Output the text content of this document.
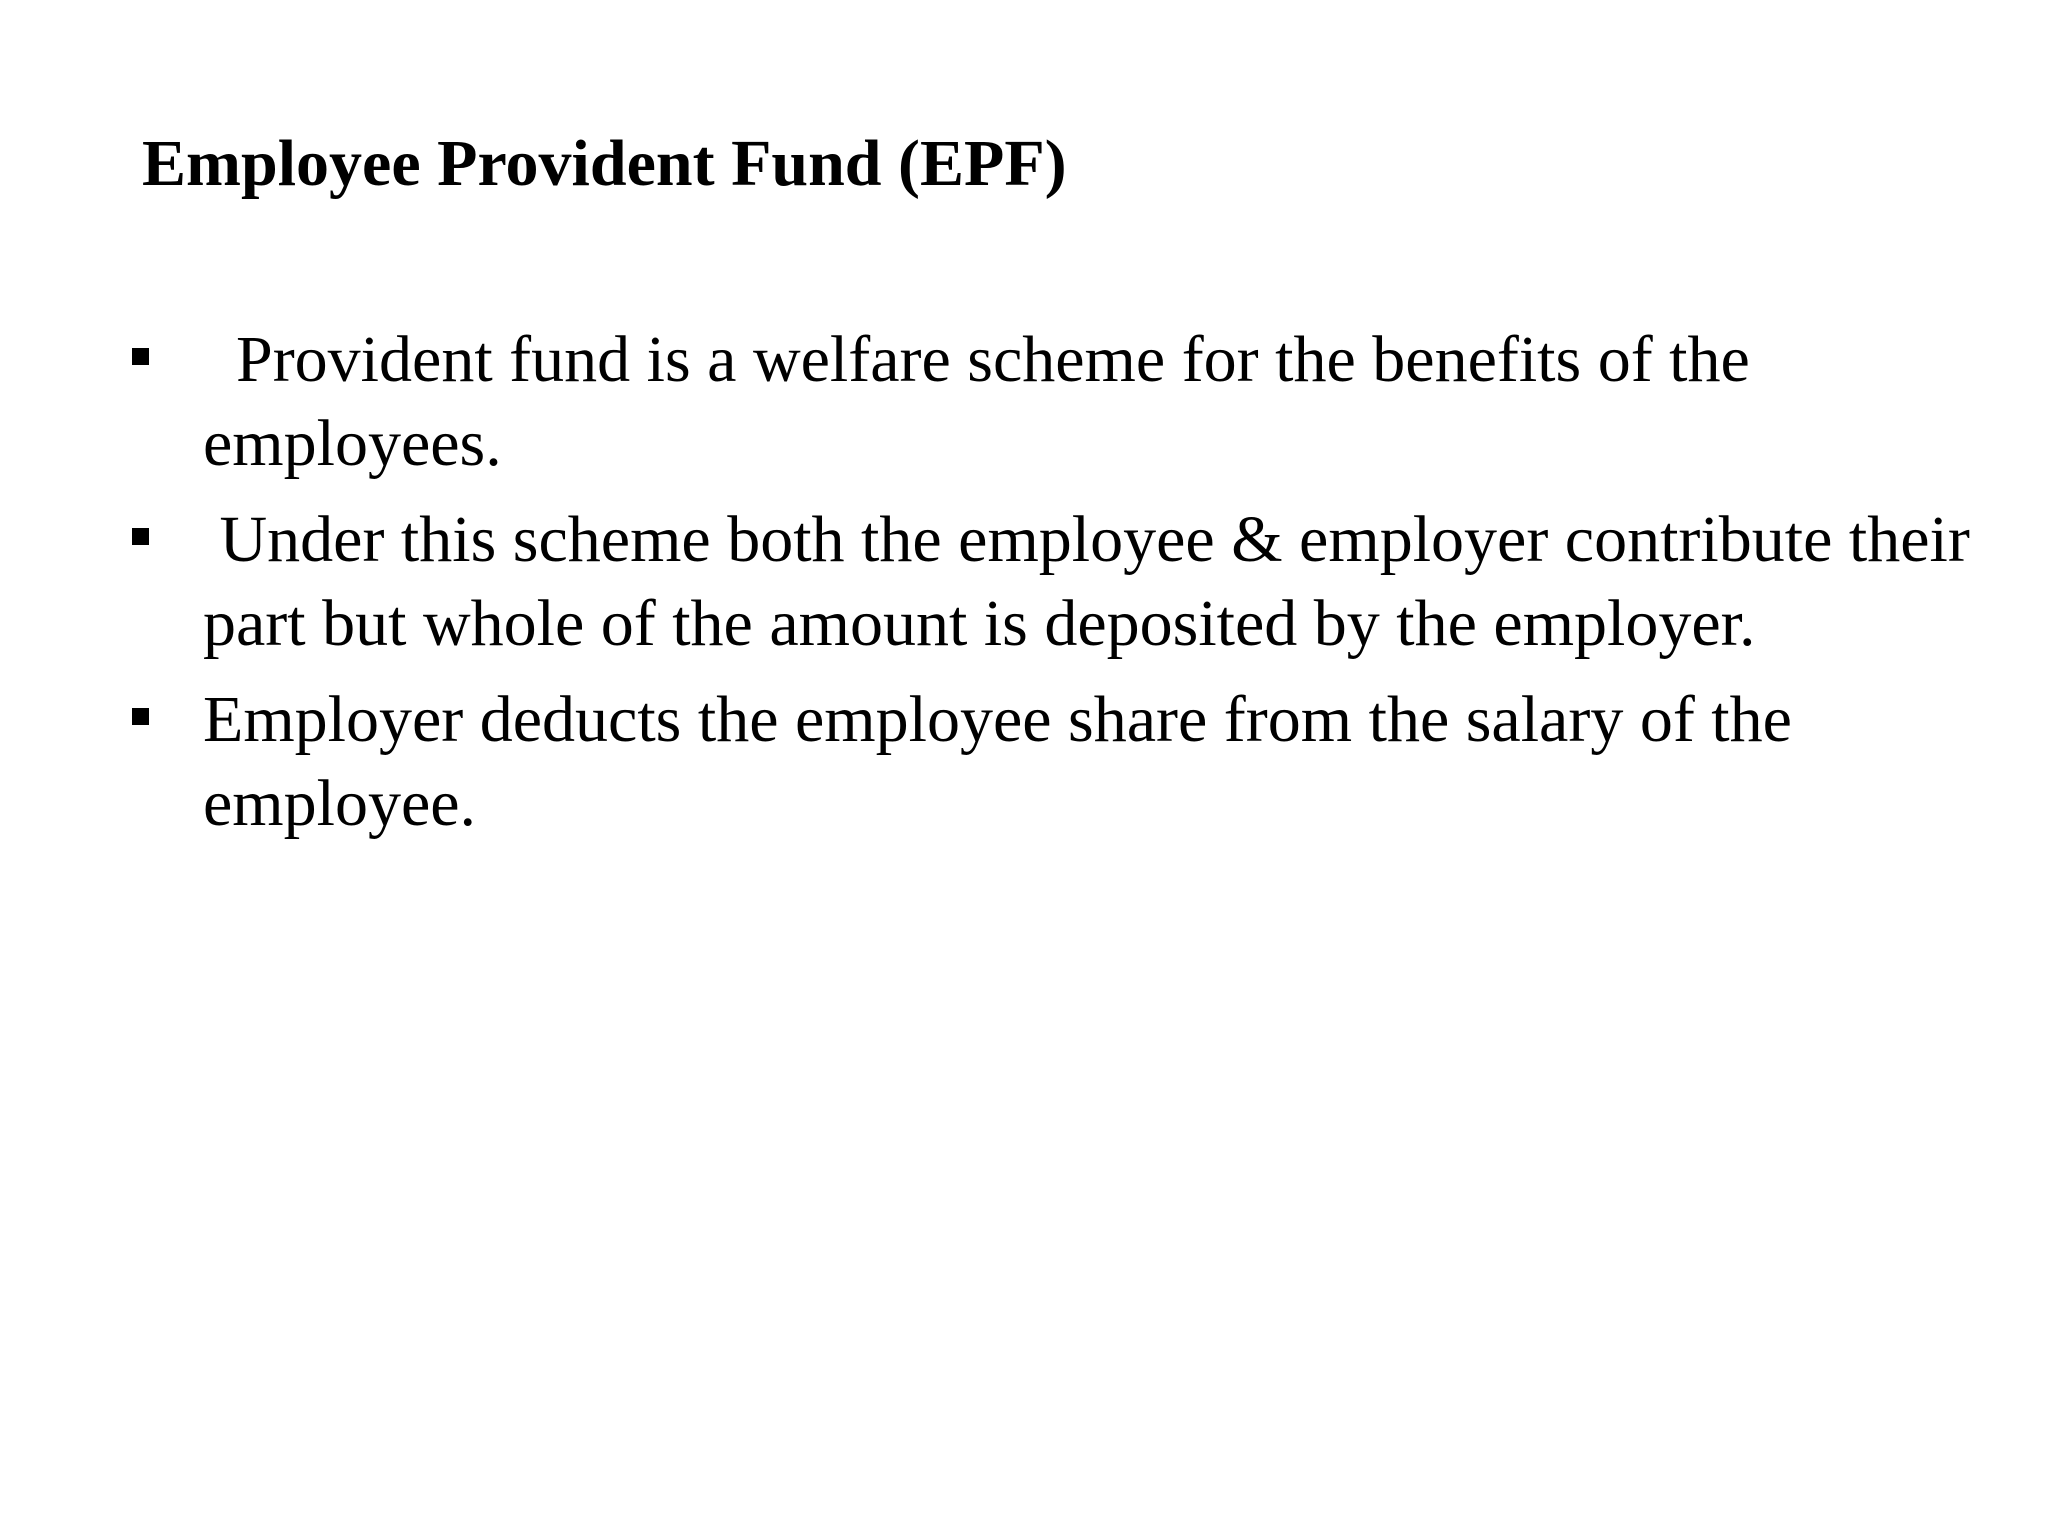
Employee Provident Fund (EPF)
Provident fund is a welfare scheme for the benefits of the employees.
Under this scheme both the employee & employer contribute their part but whole of the amount is deposited by the employer.
Employer deducts the employee share from the salary of the employee.
